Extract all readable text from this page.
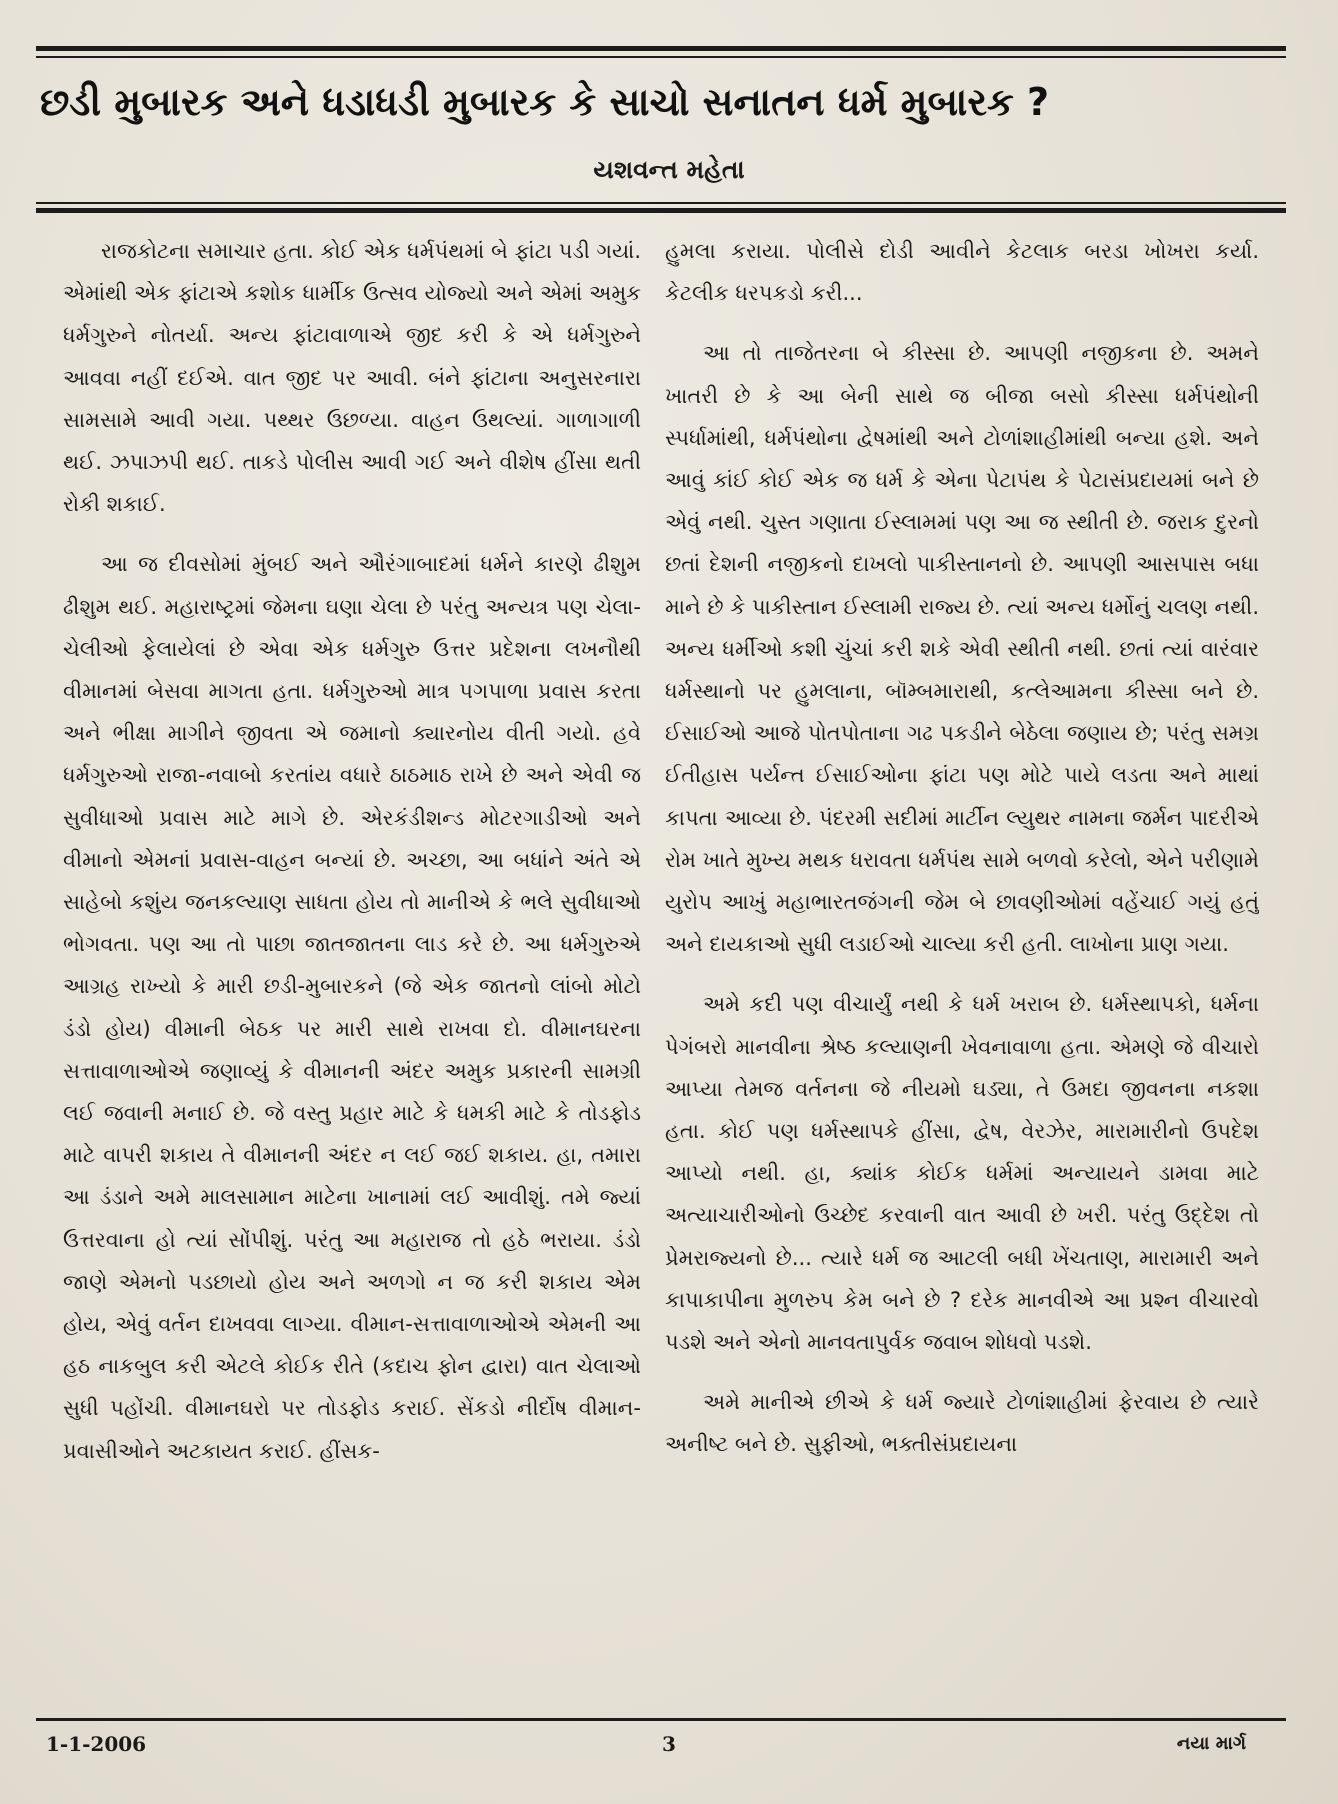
છડી મુબારક અને ધડાધડી મુબારક કે સાચો સનાતન ધર્મ મુબારક ?
યશવન્ત મહેતા

રાજકોટના સમાચાર હતા. કોઈ એક ધર્મપંથમાં બે ફાંટા પડી ગયાં. એમાંથી એક ફાંટાએ કશોક ધાર્મીક ઉત્સવ યોજ્યો અને એમાં અમુક ધર્મગુરુને નોતર્યા. અન્ય ફાંટાવાળાએ જીદ કરી કે એ ધર્મગુરુને આવવા નહીં દઈએ. વાત જીદ પર આવી. બંને ફાંટાના અનુસરનારા સામસામે આવી ગયા. પથ્થર ઉછળ્યા. વાહન ઉથલ્યાં. ગાળાગાળી થઈ. ઝપાઝપી થઈ. તાકડે પોલીસ આવી ગઈ અને વીશેષ હીંસા થતી રોકી શકાઈ.

આ જ દીવસોમાં મુંબઈ અને ઔરંગાબાદમાં ધર્મને કારણે ઢીશુમ ઢીશુમ થઈ. મહારાષ્ટ્રમાં જેમના ઘણા ચેલા છે પરંતુ અન્યત્ર પણ ચેલા-ચેલીઓ ફેલાયેલાં છે એવા એક ધર્મગુરુ ઉત્તર પ્રદેશના લખનૌથી વીમાનમાં બેસવા માગતા હતા. ધર્મગુરુઓ માત્ર પગપાળા પ્રવાસ કરતા અને ભીક્ષા માગીને જીવતા એ જમાનો ક્યારનોય વીતી ગયો. હવે ધર્મગુરુઓ રાજા-નવાબો કરતાંય વધારે ઠાઠમાઠ રાખે છે અને એવી જ સુવીધાઓ પ્રવાસ માટે માગે છે. એરકંડીશન્ડ મોટરગાડીઓ અને વીમાનો એમનાં પ્રવાસ-વાહન બન્યાં છે. અચ્છા, આ બધાંને અંતે એ સાહેબો કશુંય જનકલ્યાણ સાધતા હોય તો માનીએ કે ભલે સુવીધાઓ ભોગવતા. પણ આ તો પાછા જાતજાતના લાડ કરે છે. આ ધર્મગુરુએ આગ્રહ રાખ્યો કે મારી છડી-મુબારકને (જે એક જાતનો લાંબો મોટો ડંડો હોય) વીમાની બેઠક પર મારી સાથે રાખવા દો. વીમાનઘરના સત્તાવાળાઓએ જણાવ્યું કે વીમાનની અંદર અમુક પ્રકારની સામગ્રી લઈ જવાની મનાઈ છે. જે વસ્તુ પ્રહાર માટે કે ધમકી માટે કે તોડફોડ માટે વાપરી શકાય તે વીમાનની અંદર ન લઈ જઈ શકાય. હા, તમારા આ ડંડાને અમે માલસામાન માટેના ખાનામાં લઈ આવીશું. તમે જ્યાં ઉત્તરવાના હો ત્યાં સોંપીશું. પરંતુ આ મહારાજ તો હઠે ભરાયા. ડંડો જાણે એમનો પડછાયો હોય અને અળગો ન જ કરી શકાય એમ હોય, એવું વર્તન દાખવવા લાગ્યા. વીમાન-સત્તાવાળાઓએ એમની આ હઠ નાકબુલ કરી એટલે કોઈક રીતે (કદાચ ફોન દ્વારા) વાત ચેલાઓ સુધી પહોંચી. વીમાનઘરો પર તોડફોડ કરાઈ. સેંકડો નીર્દોષ વીમાન-પ્રવાસીઓને અટકાયત કરાઈ. હીંસક-

હુમલા કરાયા. પોલીસે દોડી આવીને કેટલાક બરડા ખોખરા કર્યા. કેટલીક ધરપકડો કરી...

આ તો તાજેતરના બે કીસ્સા છે. આપણી નજીકના છે. અમને ખાતરી છે કે આ બેની સાથે જ બીજા બસો કીસ્સા ધર્મપંથોની સ્પર્ધામાંથી, ધર્મપંથોના દ્વેષમાંથી અને ટોળાંશાહીમાંથી બન્યા હશે. અને આવું કાંઈ કોઈ એક જ ધર્મ કે એના પેટાપંથ કે પેટાસંપ્રદાયમાં બને છે એવું નથી. ચુસ્ત ગણાતા ઈસ્લામમાં પણ આ જ સ્થીતી છે. જરાક દુરનો છતાં દેશની નજીકનો દાખલો પાકીસ્તાનનો છે. આપણી આસપાસ બધા માને છે કે પાકીસ્તાન ઈસ્લામી રાજ્ય છે. ત્યાં અન્ય ધર્મોનું ચલણ નથી. અન્ય ધર્મીઓ કશી ચુંચાં કરી શકે એવી સ્થીતી નથી. છતાં ત્યાં વારંવાર ધર્મસ્થાનો પર હુમલાના, બૉમ્બમારાથી, કત્લેઆમના કીસ્સા બને છે. ઈસાઈઓ આજે પોતપોતાના ગઢ પકડીને બેઠેલા જણાય છે; પરંતુ સમગ્ર ઈતીહાસ પર્યન્ત ઈસાઈઓના ફાંટા પણ મોટે પાયે લડતા અને માથાં કાપતા આવ્યા છે. પંદરમી સદીમાં માર્ટીન લ્યુથર નામના જર્મન પાદરીએ રોમ ખાતે મુખ્ય મથક ધરાવતા ધર્મપંથ સામે બળવો કરેલો, એને પરીણામે યુરોપ આખું મહાભારતજંગની જેમ બે છાવણીઓમાં વહેંચાઈ ગયું હતું અને દાયકાઓ સુધી લડાઈઓ ચાલ્યા કરી હતી. લાખોના પ્રાણ ગયા.

અમે કદી પણ વીચાર્યું નથી કે ધર્મ ખરાબ છે. ધર્મસ્થાપકો, ધર્મના પેગંબરો માનવીના શ્રેષ્ઠ કલ્યાણની ખેવનાવાળા હતા. એમણે જે વીચારો આપ્યા તેમજ વર્તનના જે નીયમો ઘડ્યા, તે ઉમદા જીવનના નકશા હતા. કોઈ પણ ધર્મસ્થાપકે હીંસા, દ્વેષ, વેરઝેર, મારામારીનો ઉપદેશ આપ્યો નથી. હા, ક્યાંક કોઈક ધર્મમાં અન્યાયને ડામવા માટે અત્યાચારીઓનો ઉચ્છેદ કરવાની વાત આવી છે ખરી. પરંતુ ઉદ્દેશ તો પ્રેમરાજ્યનો છે... ત્યારે ધર્મ જ આટલી બધી ખેંચતાણ, મારામારી અને કાપાકાપીના મુળરુપ કેમ બને છે ? દરેક માનવીએ આ પ્રશ્ન વીચારવો પડશે અને એનો માનવતાપુર્વક જવાબ શોધવો પડશે.

અમે માનીએ છીએ કે ધર્મ જ્યારે ટોળાંશાહીમાં ફેરવાય છે ત્યારે અનીષ્ટ બને છે. સુફીઓ, ભક્તીસંપ્રદાયના

1-1-2006	3	નયા માર્ગ
